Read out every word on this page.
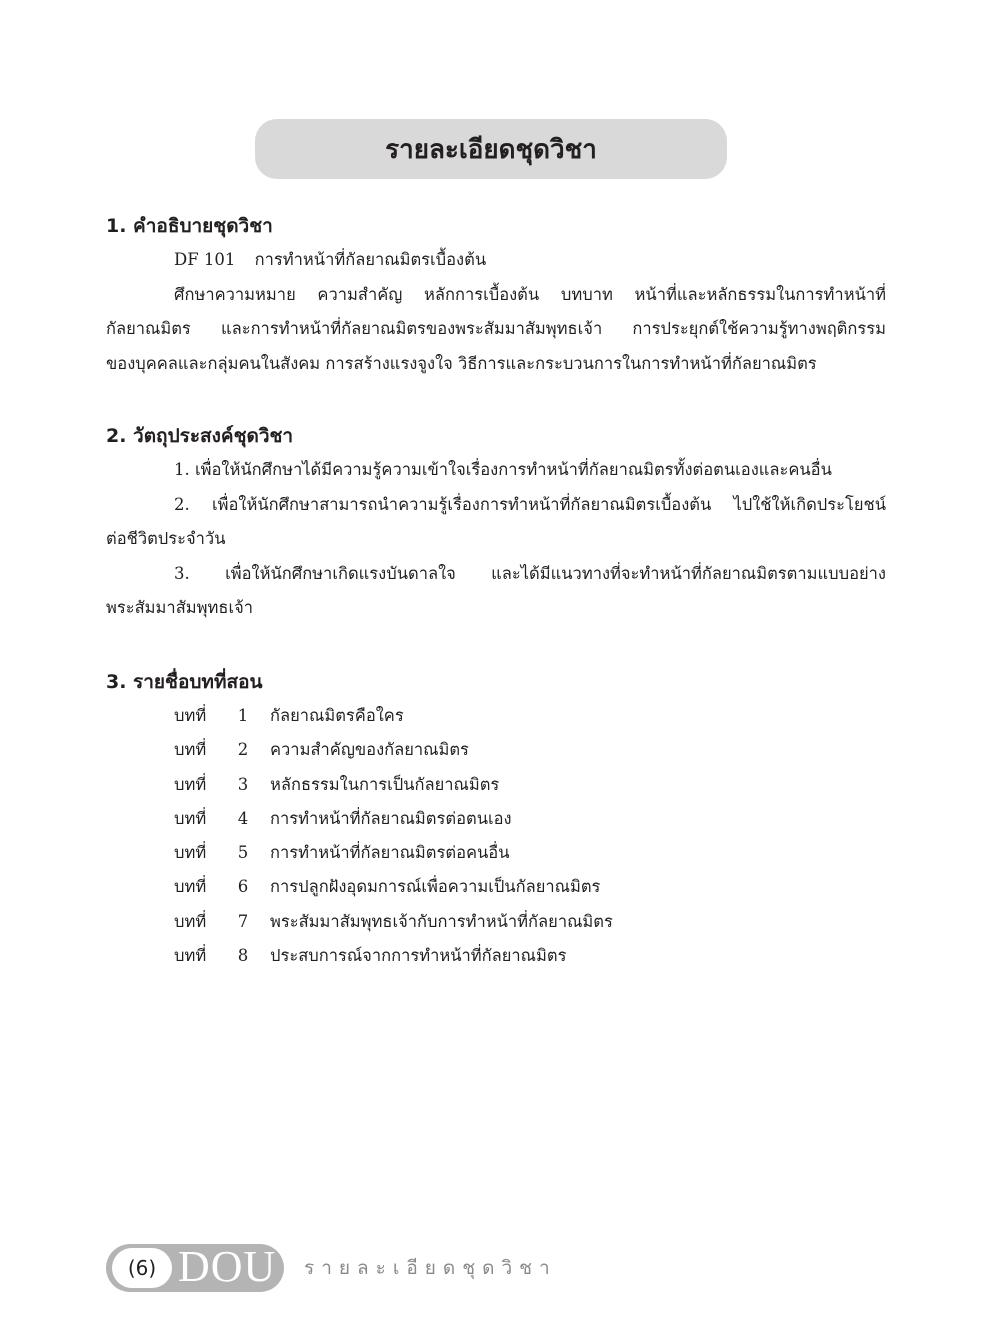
รายละเอียดชุดวิชา
1. คำอธิบายชุดวิชา
DF 101 การทำหน้าที่กัลยาณมิตรเบื้องต้น
ศึกษาความหมาย ความสำคัญ หลักการเบื้องต้น บทบาท หน้าที่และหลักธรรมในการทำหน้าที่
กัลยาณมิตร และการทำหน้าที่กัลยาณมิตรของพระสัมมาสัมพุทธเจ้า การประยุกต์ใช้ความรู้ทางพฤติกรรม
ของบุคคลและกลุ่มคนในสังคม การสร้างแรงจูงใจ วิธีการและกระบวนการในการทำหน้าที่กัลยาณมิตร
2. วัตถุประสงค์ชุดวิชา
1. เพื่อให้นักศึกษาได้มีความรู้ความเข้าใจเรื่องการทำหน้าที่กัลยาณมิตรทั้งต่อตนเองและคนอื่น
2. เพื่อให้นักศึกษาสามารถนำความรู้เรื่องการทำหน้าที่กัลยาณมิตรเบื้องต้น ไปใช้ให้เกิดประโยชน์
ต่อชีวิตประจำวัน
3. เพื่อให้นักศึกษาเกิดแรงบันดาลใจ และได้มีแนวทางที่จะทำหน้าที่กัลยาณมิตรตามแบบอย่าง
พระสัมมาสัมพุทธเจ้า
3. รายชื่อบทที่สอน
บทที่	1	กัลยาณมิตรคือใคร
บทที่	2	ความสำคัญของกัลยาณมิตร
บทที่	3	หลักธรรมในการเป็นกัลยาณมิตร
บทที่	4	การทำหน้าที่กัลยาณมิตรต่อตนเอง
บทที่	5	การทำหน้าที่กัลยาณมิตรต่อคนอื่น
บทที่	6	การปลูกฝังอุดมการณ์เพื่อความเป็นกัลยาณมิตร
บทที่	7	พระสัมมาสัมพุทธเจ้ากับการทำหน้าที่กัลยาณมิตร
บทที่	8	ประสบการณ์จากการทำหน้าที่กัลยาณมิตร
(6) DOU รายละเอียดชุดวิชา
